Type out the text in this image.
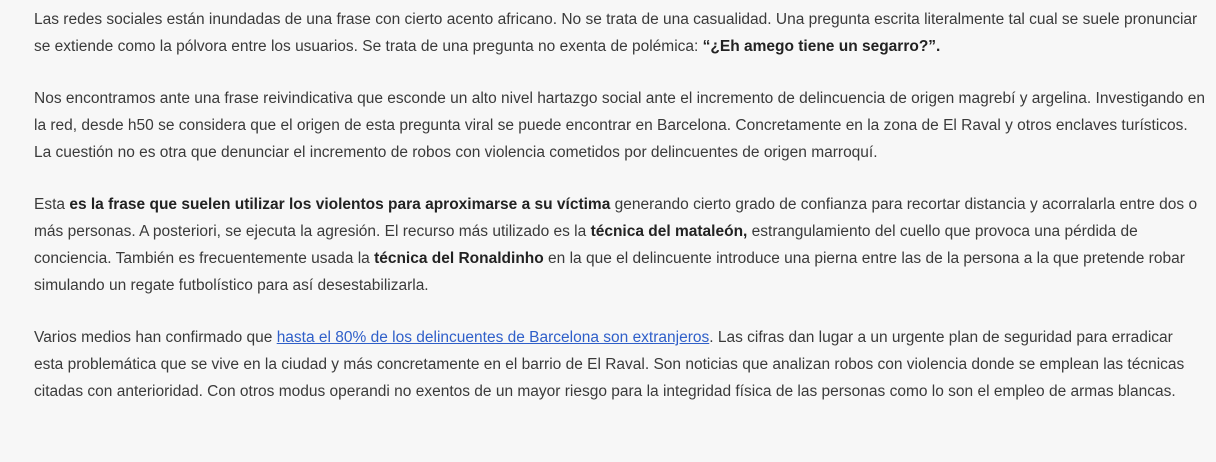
Las redes sociales están inundadas de una frase con cierto acento africano. No se trata de una casualidad. Una pregunta escrita literalmente tal cual se suele pronunciar se extiende como la pólvora entre los usuarios. Se trata de una pregunta no exenta de polémica: “¿Eh amego tiene un segarro?”.

Nos encontramos ante una frase reivindicativa que esconde un alto nivel hartazgo social ante el incremento de delincuencia de origen magrebí y argelina. Investigando en la red, desde h50 se considera que el origen de esta pregunta viral se puede encontrar en Barcelona. Concretamente en la zona de El Raval y otros enclaves turísticos. La cuestión no es otra que denunciar el incremento de robos con violencia cometidos por delincuentes de origen marroquí.

Esta es la frase que suelen utilizar los violentos para aproximarse a su víctima generando cierto grado de confianza para recortar distancia y acorralarla entre dos o más personas. A posteriori, se ejecuta la agresión. El recurso más utilizado es la técnica del mataleón, estrangulamiento del cuello que provoca una pérdida de conciencia. También es frecuentemente usada la técnica del Ronaldinho en la que el delincuente introduce una pierna entre las de la persona a la que pretende robar simulando un regate futbolístico para así desestabilizarla.

Varios medios han confirmado que hasta el 80% de los delincuentes de Barcelona son extranjeros. Las cifras dan lugar a un urgente plan de seguridad para erradicar esta problemática que se vive en la ciudad y más concretamente en el barrio de El Raval. Son noticias que analizan robos con violencia donde se emplean las técnicas citadas con anterioridad. Con otros modus operandi no exentos de un mayor riesgo para la integridad física de las personas como lo son el empleo de armas blancas.
